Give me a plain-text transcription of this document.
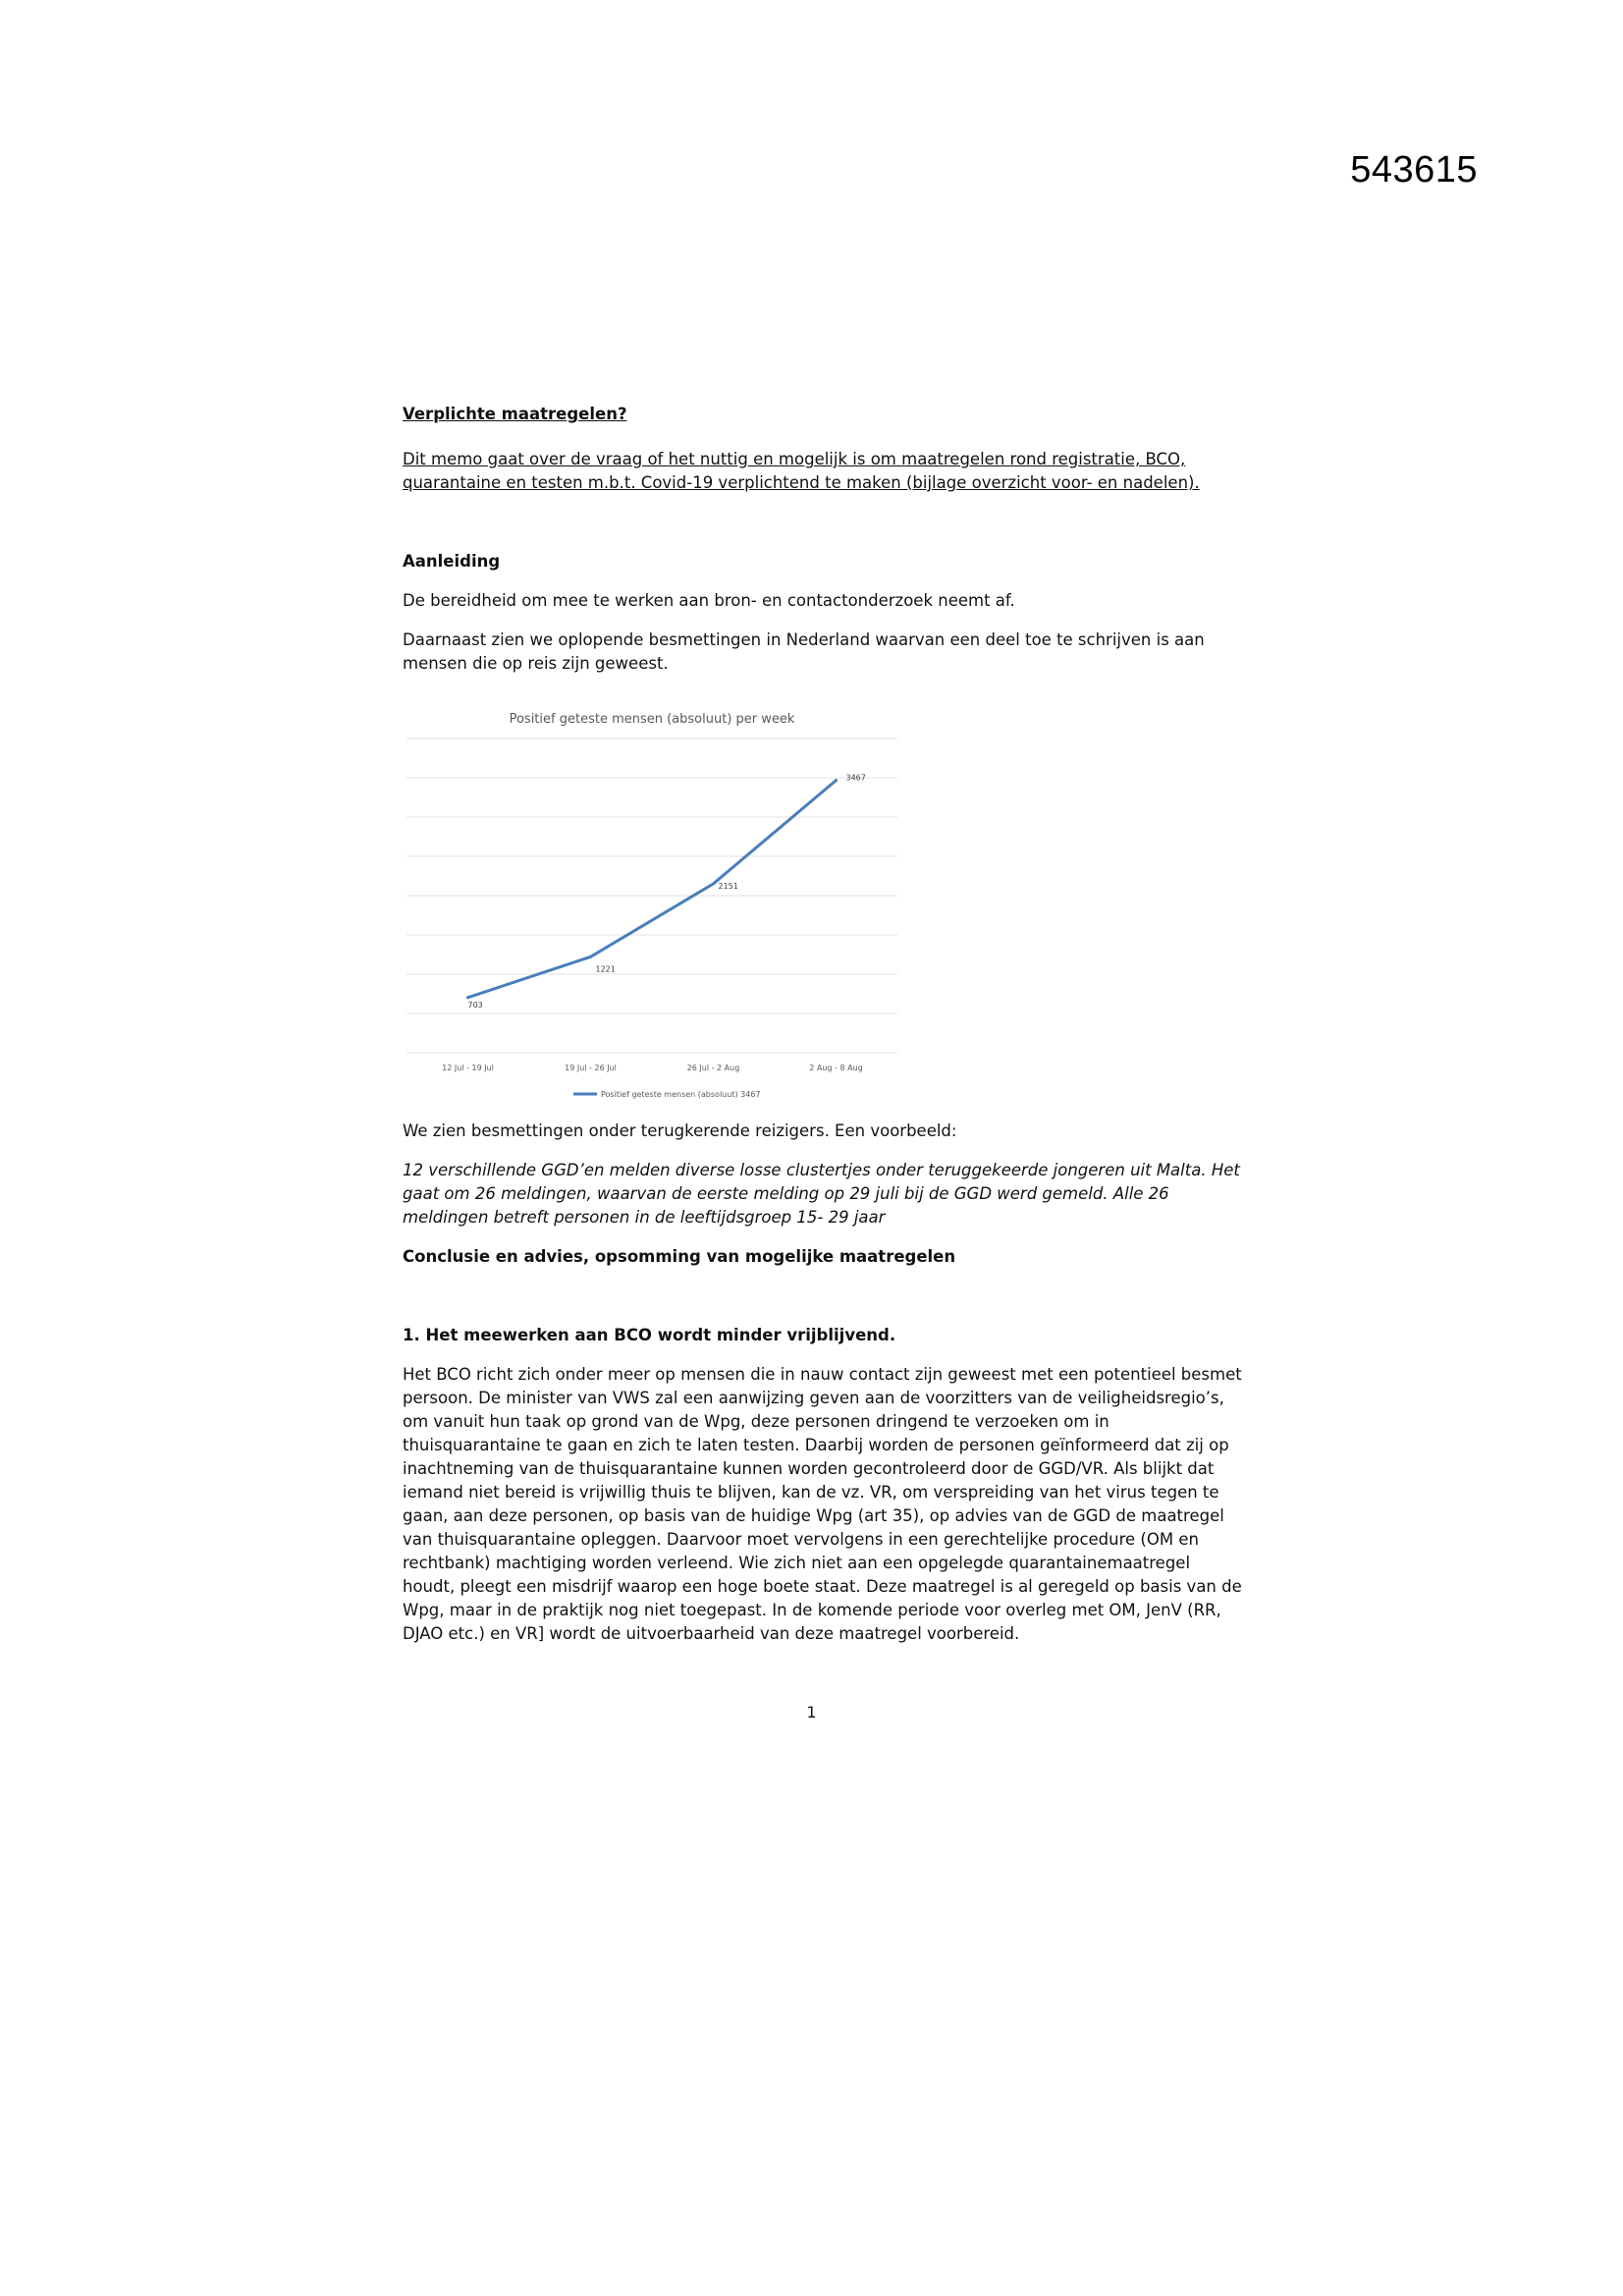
543615
Verplichte maatregelen?
Dit memo gaat over de vraag of het nuttig en mogelijk is om maatregelen rond registratie, BCO, quarantaine en testen m.b.t. Covid-19 verplichtend te maken (bijlage overzicht voor- en nadelen).
Aanleiding

De bereidheid om mee te werken aan bron- en contactonderzoek neemt af.

Daarnaast zien we oplopende besmettingen in Nederland waarvan een deel toe te schrijven is aan mensen die op reis zijn geweest.

Positief geteste mensen (absoluut) per week
703
1221
2151
3467
12 Jul - 19 Jul	19 Jul - 26 Jul	26 Jul - 2 Aug	2 Aug - 8 Aug
Positief geteste mensen (absoluut) 3467

We zien besmettingen onder terugkerende reizigers. Een voorbeeld:

12 verschillende GGD’en melden diverse losse clustertjes onder teruggekeerde jongeren uit Malta. Het gaat om 26 meldingen, waarvan de eerste melding op 29 juli bij de GGD werd gemeld. Alle 26 meldingen betreft personen in de leeftijdsgroep 15- 29 jaar

Conclusie en advies, opsomming van mogelijke maatregelen
1. Het meewerken aan BCO wordt minder vrijblijvend.

Het BCO richt zich onder meer op mensen die in nauw contact zijn geweest met een potentieel besmet persoon. De minister van VWS zal een aanwijzing geven aan de voorzitters van de veiligheidsregio’s, om vanuit hun taak op grond van de Wpg, deze personen dringend te verzoeken om in thuisquarantaine te gaan en zich te laten testen. Daarbij worden de personen geïnformeerd dat zij op inachtneming van de thuisquarantaine kunnen worden gecontroleerd door de GGD/VR. Als blijkt dat iemand niet bereid is vrijwillig thuis te blijven, kan de vz. VR, om verspreiding van het virus tegen te gaan, aan deze personen, op basis van de huidige Wpg (art 35), op advies van de GGD de maatregel van thuisquarantaine opleggen. Daarvoor moet vervolgens in een gerechtelijke procedure (OM en rechtbank) machtiging worden verleend. Wie zich niet aan een opgelegde quarantainemaatregel houdt, pleegt een misdrijf waarop een hoge boete staat. Deze maatregel is al geregeld op basis van de Wpg, maar in de praktijk nog niet toegepast. In de komende periode voor overleg met OM, JenV (RR, DJAO etc.) en VR] wordt de uitvoerbaarheid van deze maatregel voorbereid.

1
